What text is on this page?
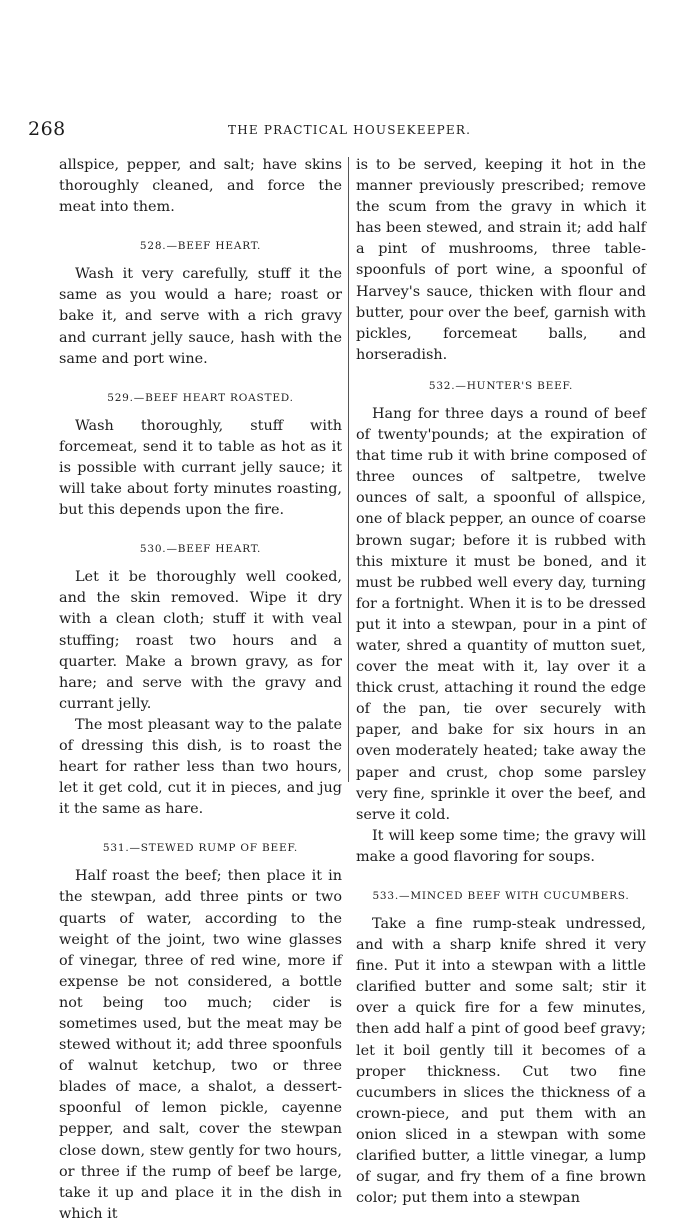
268	THE PRACTICAL HOUSEKEEPER.

allspice, pepper, and salt; have skins thoroughly cleaned, and force the meat into them.

528.—BEEF HEART.

Wash it very carefully, stuff it the same as you would a hare; roast or bake it, and serve with a rich gravy and currant jelly sauce, hash with the same and port wine.

529.—BEEF HEART ROASTED.

Wash thoroughly, stuff with forcemeat, send it to table as hot as it is possible with currant jelly sauce; it will take about forty minutes roasting, but this depends upon the fire.

530.—BEEF HEART.

Let it be thoroughly well cooked, and the skin removed. Wipe it dry with a clean cloth; stuff it with veal stuffing; roast two hours and a quarter. Make a brown gravy, as for hare; and serve with the gravy and currant jelly.

The most pleasant way to the palate of dressing this dish, is to roast the heart for rather less than two hours, let it get cold, cut it in pieces, and jug it the same as hare.

531.—STEWED RUMP OF BEEF.

Half roast the beef; then place it in the stewpan, add three pints or two quarts of water, according to the weight of the joint, two wine glasses of vinegar, three of red wine, more if expense be not considered, a bottle not being too much; cider is sometimes used, but the meat may be stewed without it; add three spoonfuls of walnut ketchup, two or three blades of mace, a shalot, a dessert-spoonful of lemon pickle, cayenne pepper, and salt, cover the stewpan close down, stew gently for two hours, or three if the rump of beef be large, take it up and place it in the dish in which it

is to be served, keeping it hot in the manner previously prescribed; remove the scum from the gravy in which it has been stewed, and strain it; add half a pint of mushrooms, three table-spoonfuls of port wine, a spoonful of Harvey's sauce, thicken with flour and butter, pour over the beef, garnish with pickles, forcemeat balls, and horseradish.

532.—HUNTER'S BEEF.

Hang for three days a round of beef of twenty'pounds; at the expiration of that time rub it with brine composed of three ounces of saltpetre, twelve ounces of salt, a spoonful of allspice, one of black pepper, an ounce of coarse brown sugar; before it is rubbed with this mixture it must be boned, and it must be rubbed well every day, turning for a fortnight. When it is to be dressed put it into a stewpan, pour in a pint of water, shred a quantity of mutton suet, cover the meat with it, lay over it a thick crust, attaching it round the edge of the pan, tie over securely with paper, and bake for six hours in an oven moderately heated; take away the paper and crust, chop some parsley very fine, sprinkle it over the beef, and serve it cold.

It will keep some time; the gravy will make a good flavoring for soups.

533.—MINCED BEEF WITH CUCUMBERS.

Take a fine rump-steak undressed, and with a sharp knife shred it very fine. Put it into a stewpan with a little clarified butter and some salt; stir it over a quick fire for a few minutes, then add half a pint of good beef gravy; let it boil gently till it becomes of a proper thickness. Cut two fine cucumbers in slices the thickness of a crown-piece, and put them with an onion sliced in a stewpan with some clarified butter, a little vinegar, a lump of sugar, and fry them of a fine brown color; put them into a stewpan
